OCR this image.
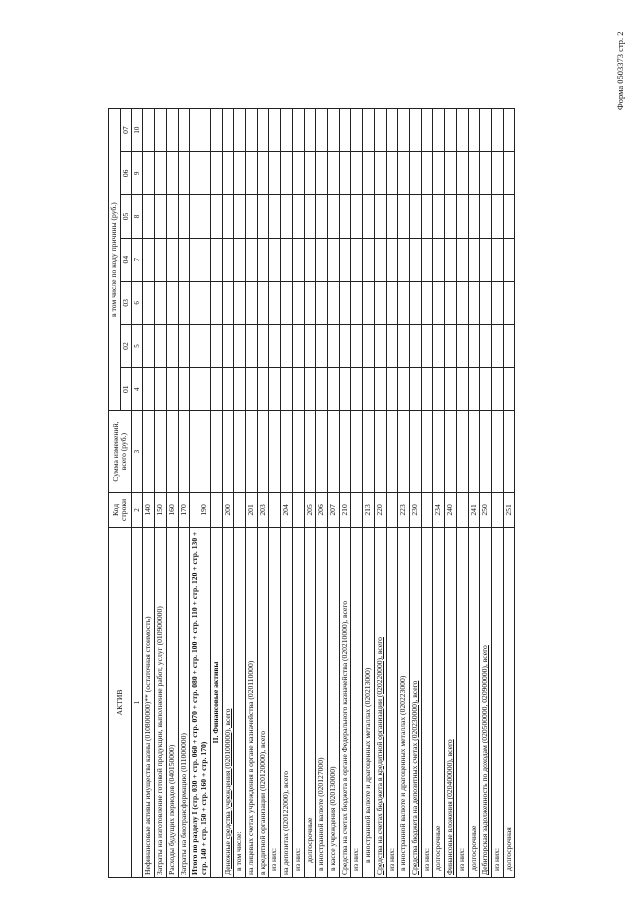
Форма 0503373 стр. 2
АКТИВ	Код строки	Сумма изменений, всего (руб.)	в том числе по коду причины (руб.)						
			01	02	03	04	05	06	07
1	2	3	4	5	6	7	8	9	10
Нефинансовые активы имущества казны (010800000)** (остаточная стоимость)	140								
Затраты на изготовление готовой продукции, выполнение работ, услуг (010900000)	150								
Расходы будущих периодов (040150000)	160								
Затраты на биотрансформацию (011000000)	170								
Итого по разделу I (стр. 030 + стр. 060 + стр. 070 + стр. 080 + стр. 100 + стр. 110 + стр. 120 + стр. 130 + стр. 140 + стр. 150 + стр. 160 + стр. 170)	190								
II. Финансовые активы									
Денежные средства учреждения (020100000), всего	200								
в том числе:									
на лицевых счетах учреждения в органе казначейства (020110000)	201								
в кредитной организации (020120000), всего	203								
из них:									
на депозитах (020122000), всего	204								
из них:									
долгосрочные	205								
в иностранной валюте (020127000)	206								
в кассе учреждения (020130000)	207								
Средства на счетах бюджета в органе Федерального казначейства (020210000), всего	210								
из них:									
в иностранной валюте и драгоценных металлах (020213000)	213								
Средства на счетах бюджета в кредитной организации (020220000), всего	220								
из них:									
в иностранной валюте и драгоценных металлах (020223000)	223								
Средства бюджета на депозитных счетах (020230000), всего	230								
из них:									
долгосрочные	234								
Финансовые вложения (020400000), всего	240								
из них:									
долгосрочные	241								
Дебиторская задолженность по доходам (020500000, 020900000), всего	250								
из них:									
долгосрочная	251								
